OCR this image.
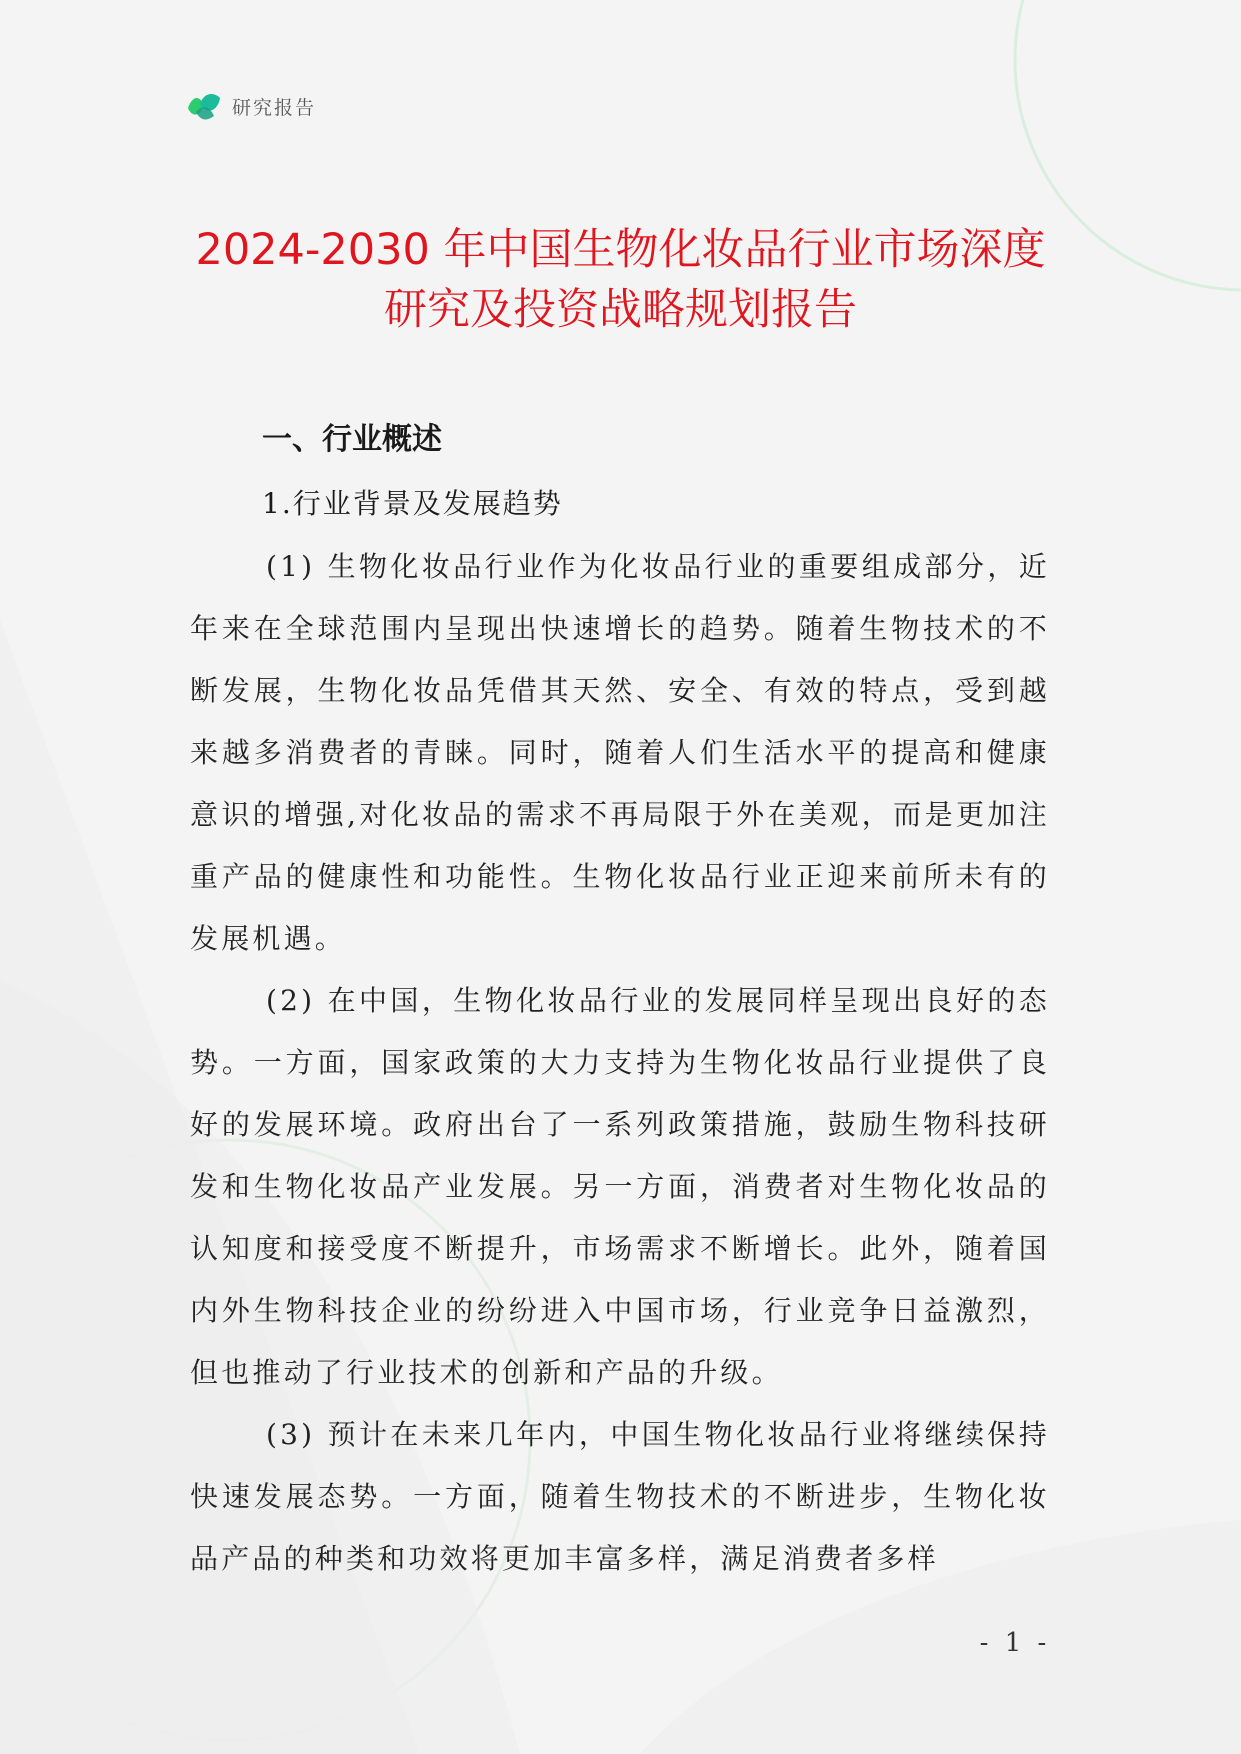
研究报告
2024-2030 年中国生物化妆品行业市场深度
研究及投资战略规划报告
一、行业概述
1.行业背景及发展趋势

(1) 生物化妆品行业作为化妆品行业的重要组成部分，近年来在全球范围内呈现出快速增长的趋势。随着生物技术的不断发展，生物化妆品凭借其天然、安全、有效的特点，受到越来越多消费者的青睐。同时，随着人们生活水平的提高和健康意识的增强,对化妆品的需求不再局限于外在美观，而是更加注重产品的健康性和功能性。生物化妆品行业正迎来前所未有的发展机遇。

(2) 在中国，生物化妆品行业的发展同样呈现出良好的态势。一方面，国家政策的大力支持为生物化妆品行业提供了良好的发展环境。政府出台了一系列政策措施，鼓励生物科技研发和生物化妆品产业发展。另一方面，消费者对生物化妆品的认知度和接受度不断提升，市场需求不断增长。此外，随着国内外生物科技企业的纷纷进入中国市场，行业竞争日益激烈，但也推动了行业技术的创新和产品的升级。

(3) 预计在未来几年内，中国生物化妆品行业将继续保持快速发展态势。一方面，随着生物技术的不断进步，生物化妆品产品的种类和功效将更加丰富多样，满足消费者多样

- 1 -
